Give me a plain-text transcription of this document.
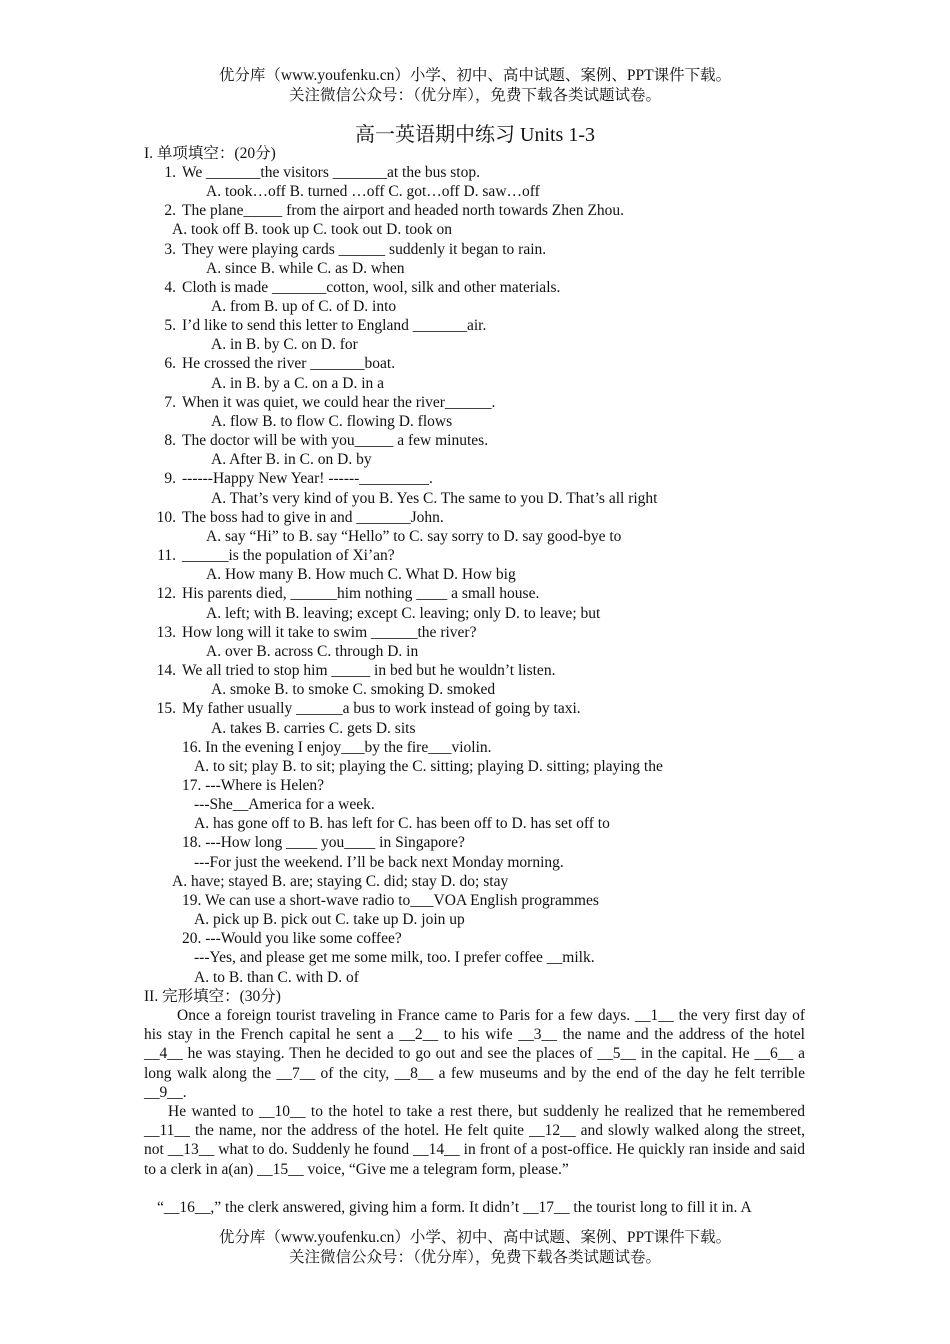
优分库（www.youfenku.cn）小学、初中、高中试题、案例、PPT课件下载。
关注微信公众号：（优分库），免费下载各类试题试卷。
高一英语期中练习 Units 1-3
I. 单项填空：(20分)
1. We _______the visitors _______at the bus stop.
A. took…off B. turned …off C. got…off D. saw…off
2. The plane_____ from the airport and headed north towards Zhen Zhou.
A. took off B. took up C. took out D. took on
3. They were playing cards ______ suddenly it began to rain.
A. since B. while C. as D. when
4. Cloth is made _______cotton, wool, silk and other materials.
A. from B. up of C. of D. into
5. I’d like to send this letter to England _______air.
A. in B. by C. on D. for
6. He crossed the river _______boat.
A. in B. by a C. on a D. in a
7. When it was quiet, we could hear the river______.
A. flow B. to flow C. flowing D. flows
8. The doctor will be with you_____ a few minutes.
A. After B. in C. on D. by
9. ------Happy New Year! ------_________.
A. That’s very kind of you B. Yes C. The same to you D. That’s all right
10. The boss had to give in and _______John.
A. say “Hi” to B. say “Hello” to C. say sorry to D. say good-bye to
11. ______is the population of Xi’an?
A. How many B. How much C. What D. How big
12. His parents died, ______him nothing ____ a small house.
A. left; with B. leaving; except C. leaving; only D. to leave; but
13. How long will it take to swim ______the river?
A. over B. across C. through D. in
14. We all tried to stop him _____ in bed but he wouldn’t listen.
A. smoke B. to smoke C. smoking D. smoked
15. My father usually ______a bus to work instead of going by taxi.
A. takes B. carries C. gets D. sits
16. In the evening I enjoy___by the fire___violin.
A. to sit; play B. to sit; playing the C. sitting; playing D. sitting; playing the
17. ---Where is Helen?
---She__America for a week.
A. has gone off to B. has left for C. has been off to D. has set off to
18. ---How long ____ you____ in Singapore?
---For just the weekend. I’ll be back next Monday morning.
A. have; stayed B. are; staying C. did; stay D. do; stay
19. We can use a short-wave radio to___VOA English programmes
A. pick up B. pick out C. take up D. join up
20. ---Would you like some coffee?
---Yes, and please get me some milk, too. I prefer coffee __milk.
A. to B. than C. with D. of
II. 完形填空：(30分)
Once a foreign tourist traveling in France came to Paris for a few days. __1__ the very first day of his stay in the French capital he sent a __2__ to his wife __3__ the name and the address of the hotel __4__ he was staying. Then he decided to go out and see the places of __5__ in the capital. He __6__ a long walk along the __7__ of the city, __8__ a few museums and by the end of the day he felt terrible __9__.
He wanted to __10__ to the hotel to take a rest there, but suddenly he realized that he remembered __11__ the name, nor the address of the hotel. He felt quite __12__ and slowly walked along the street, not __13__ what to do. Suddenly he found __14__ in front of a post-office. He quickly ran inside and said to a clerk in a(an) __15__ voice, “Give me a telegram form, please.”
“__16__,” the clerk answered, giving him a form. It didn’t __17__ the tourist long to fill it in. A
优分库（www.youfenku.cn）小学、初中、高中试题、案例、PPT课件下载。
关注微信公众号：（优分库），免费下载各类试题试卷。
